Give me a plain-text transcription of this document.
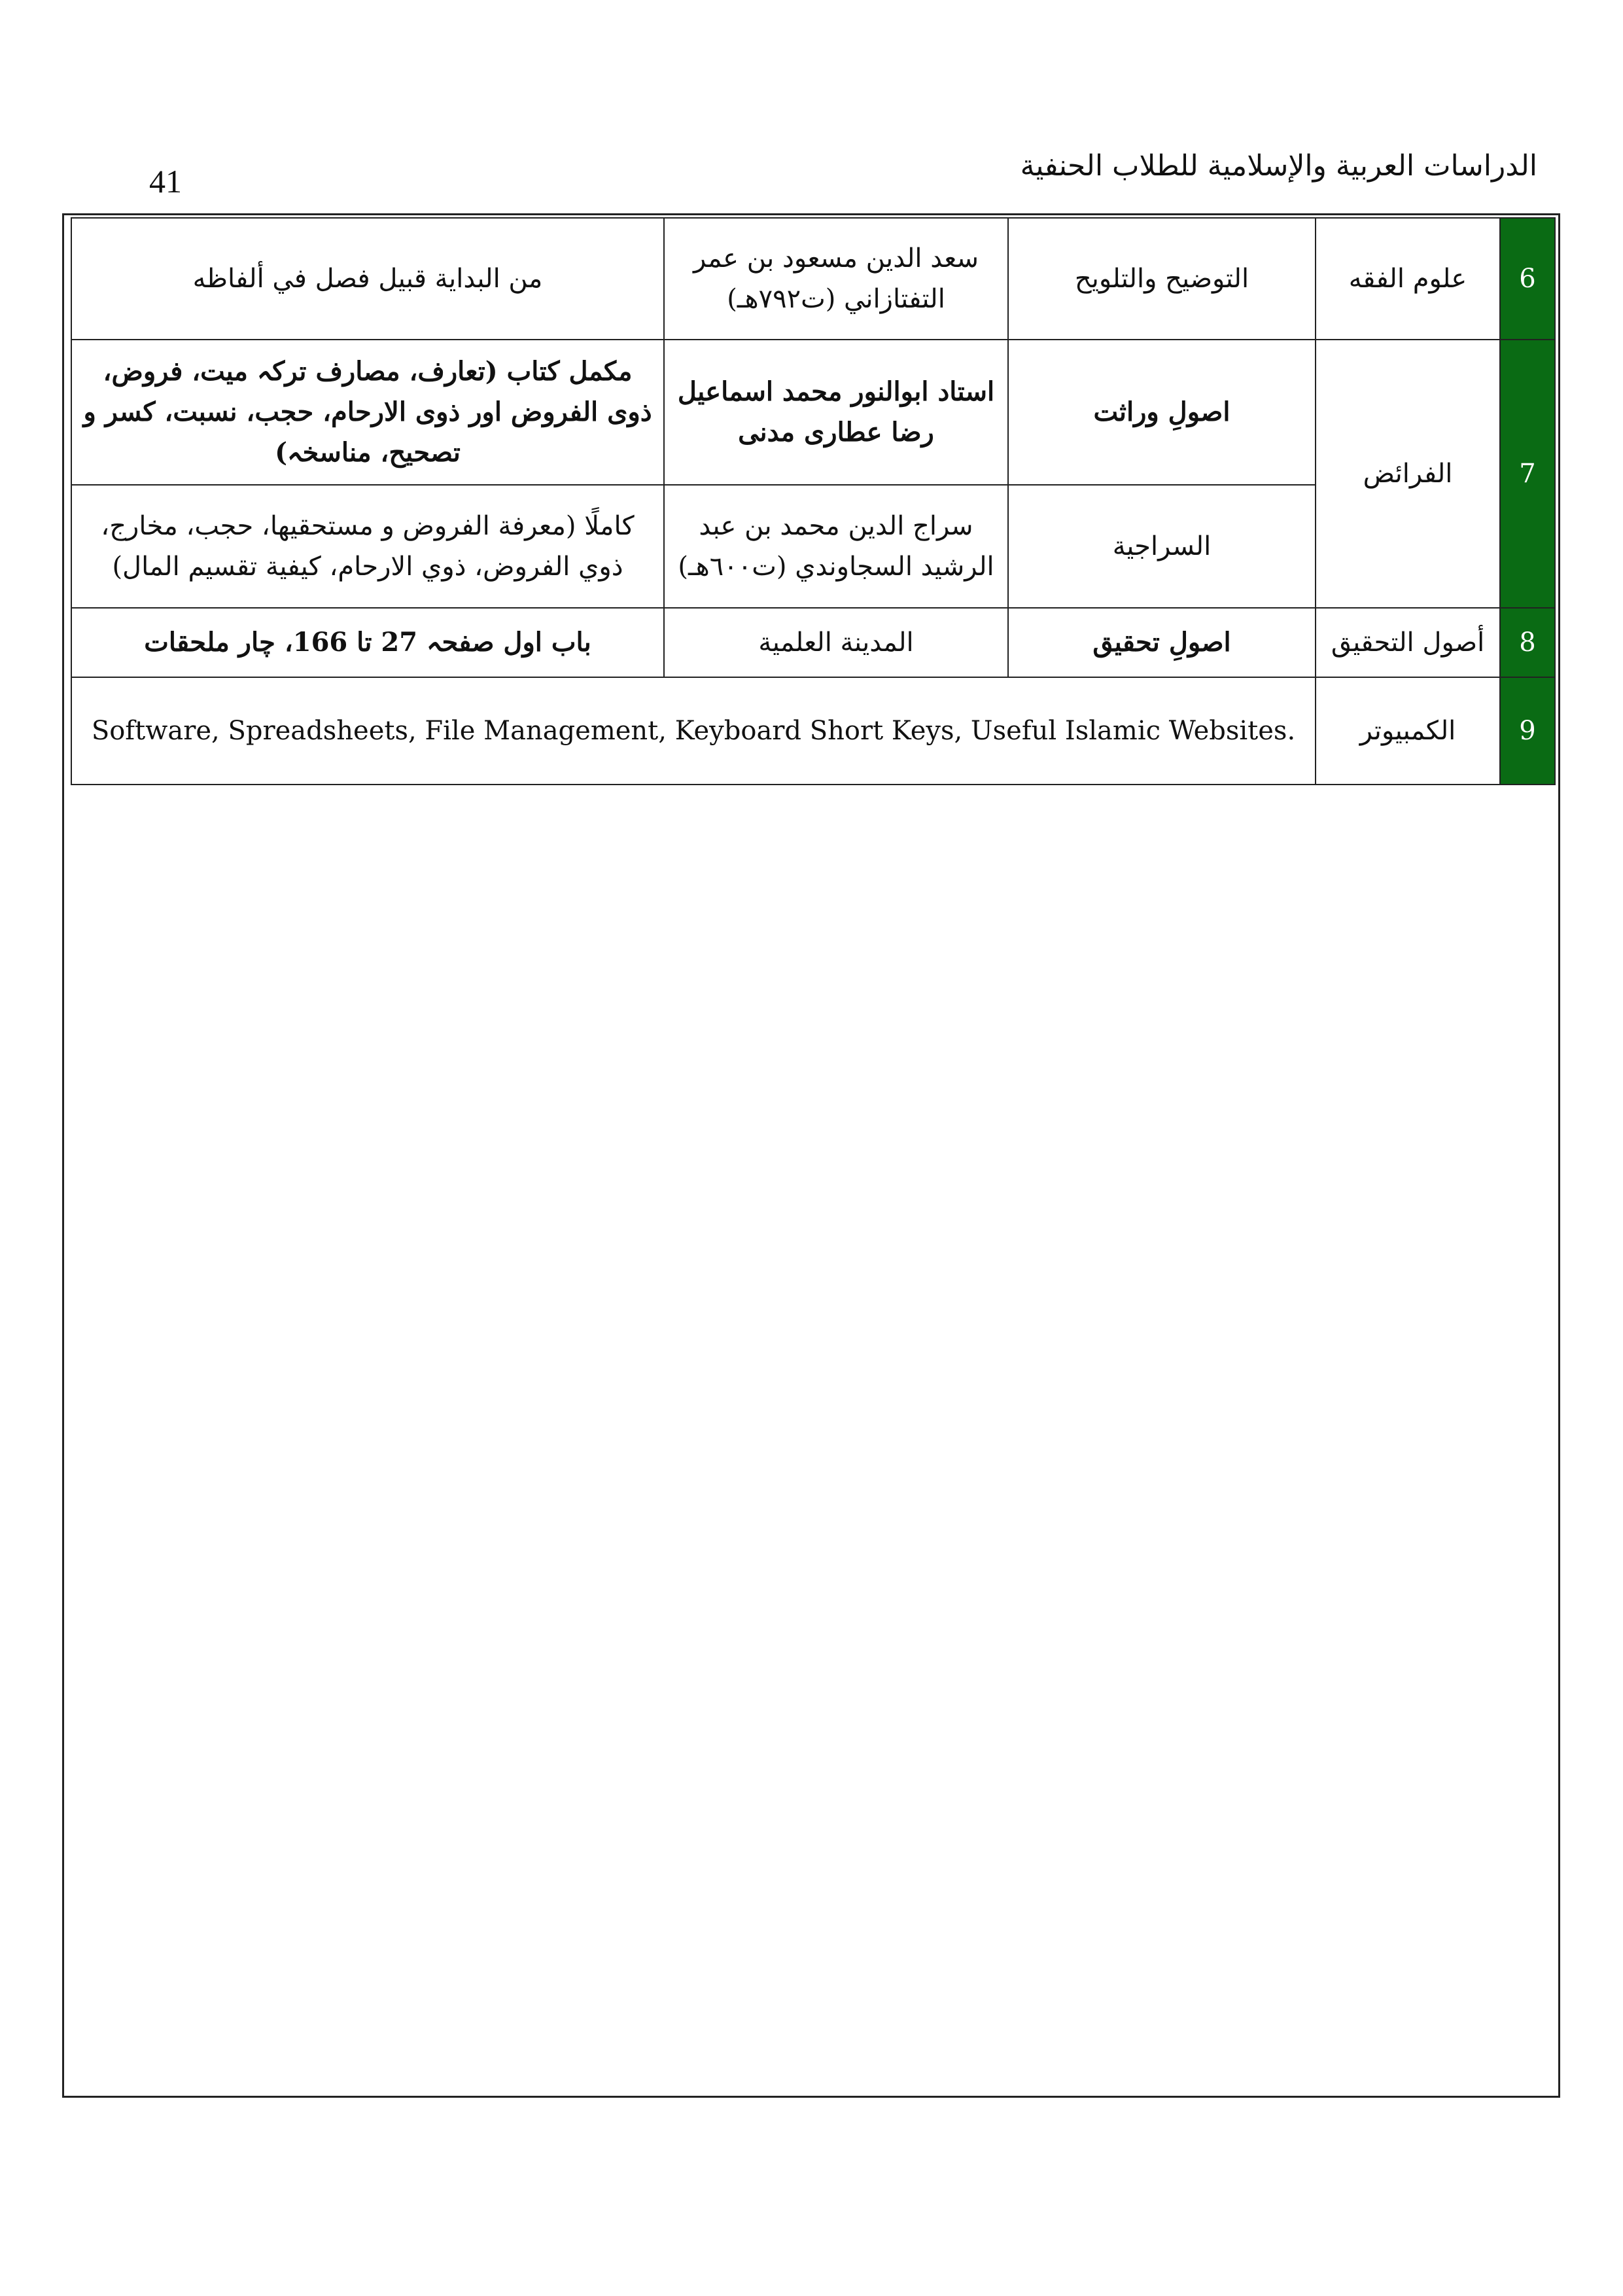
41	الدراسات العربية والإسلامية للطلاب الحنفية
6	علوم الفقه	التوضيح والتلويح	سعد الدين مسعود بن عمر التفتازاني (ت٧٩٢هـ)	من البداية قبيل فصل في ألفاظه
7	الفرائض	اصولِ وراثت	استاد ابوالنور محمد اسماعیل رضا عطاری مدنی	مکمل کتاب (تعارف، مصارف ترکہ میت، فروض، ذوی الفروض اور ذوی الارحام، حجب، نسبت، کسر و تصحیح، مناسخہ)
		السراجية	سراج الدين محمد بن عبد الرشيد السجاوندي (ت٦٠٠هـ)	كاملًا (معرفة الفروض و مستحقيها، حجب، مخارج، ذوي الفروض، ذوي الارحام، كيفية تقسيم المال)
8	أصول التحقيق	اصولِ تحقیق	المدينة العلمية	باب اول صفحہ 27 تا 166، چار ملحقات
9	الكمبيوتر	Software, Spreadsheets, File Management, Keyboard Short Keys, Useful Islamic Websites.		
